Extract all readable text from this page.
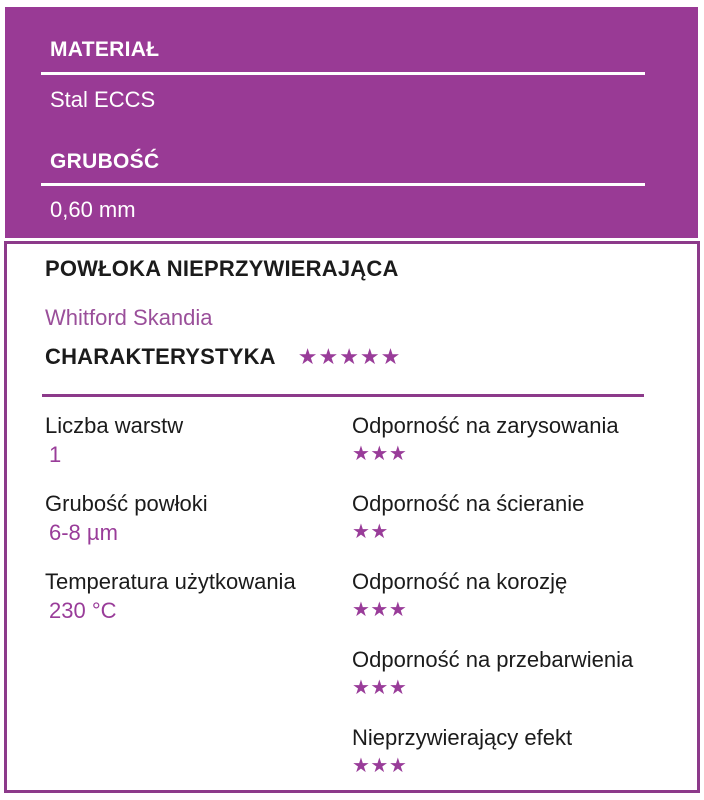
MATERIAŁ
Stal ECCS
GRUBOŚĆ
0,60 mm
POWŁOKA NIEPRZYWIERAJĄCA
Whitford Skandia
CHARAKTERYSTYKA ★★★★★
Liczba warstw
1
Grubość powłoki
6-8 µm
Temperatura użytkowania
230 °C
Odporność na zarysowania
★★★
Odporność na ścieranie
★★
Odporność na korozję
★★★
Odporność na przebarwienia
★★★
Nieprzywierający efekt
★★★
